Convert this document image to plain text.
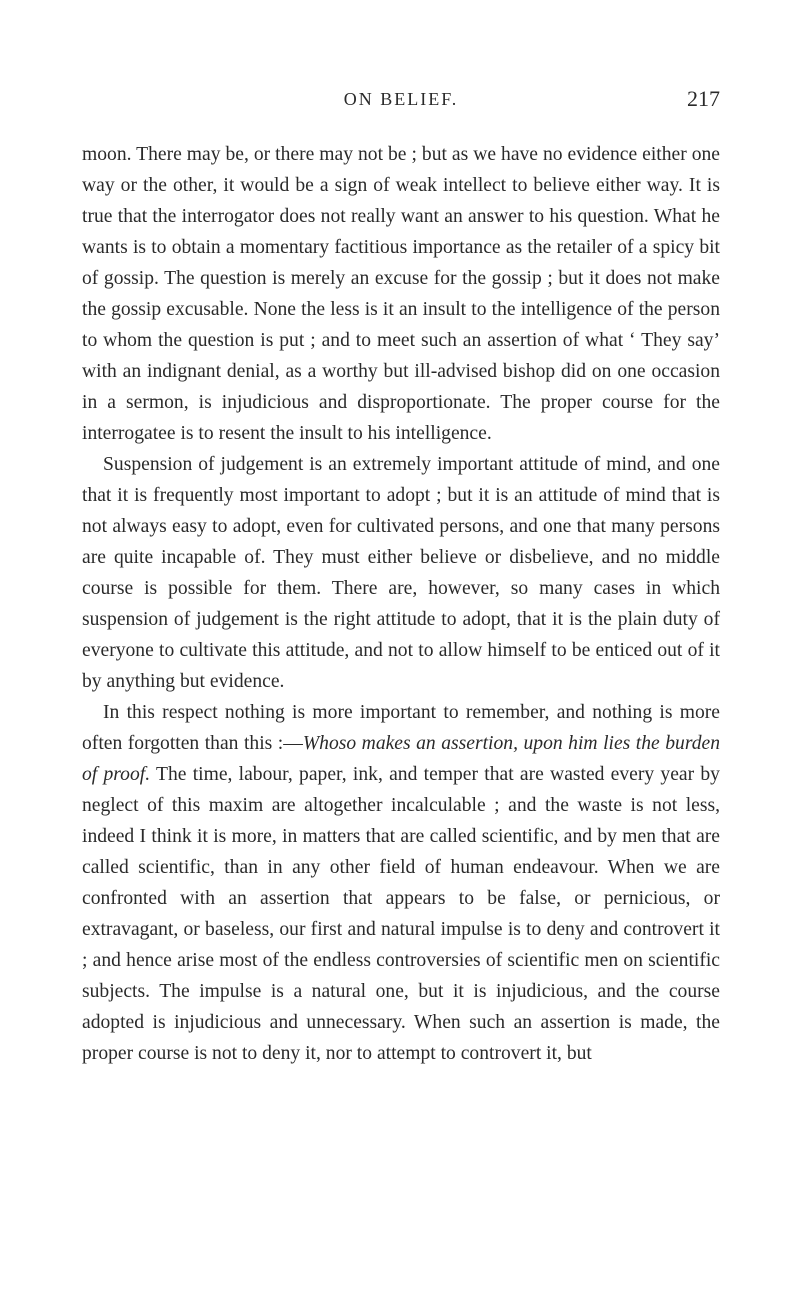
ON BELIEF.	217

moon. There may be, or there may not be ; but as we have no evidence either one way or the other, it would be a sign of weak intellect to believe either way. It is true that the interrogator does not really want an answer to his question. What he wants is to obtain a momentary factitious importance as the retailer of a spicy bit of gossip. The question is merely an excuse for the gossip ; but it does not make the gossip excusable. None the less is it an insult to the intelligence of the person to whom the question is put ; and to meet such an assertion of what ‘ They say’ with an indignant denial, as a worthy but ill-advised bishop did on one occasion in a sermon, is injudicious and disproportionate. The proper course for the interrogatee is to resent the insult to his intelligence.

Suspension of judgement is an extremely important attitude of mind, and one that it is frequently most important to adopt ; but it is an attitude of mind that is not always easy to adopt, even for cultivated persons, and one that many persons are quite incapable of. They must either believe or disbelieve, and no middle course is possible for them. There are, however, so many cases in which suspension of judgement is the right attitude to adopt, that it is the plain duty of everyone to cultivate this attitude, and not to allow himself to be enticed out of it by anything but evidence.

In this respect nothing is more important to remember, and nothing is more often forgotten than this :—Whoso makes an assertion, upon him lies the burden of proof. The time, labour, paper, ink, and temper that are wasted every year by neglect of this maxim are altogether incalculable ; and the waste is not less, indeed I think it is more, in matters that are called scientific, and by men that are called scientific, than in any other field of human endeavour. When we are confronted with an assertion that appears to be false, or pernicious, or extravagant, or baseless, our first and natural impulse is to deny and controvert it ; and hence arise most of the endless controversies of scientific men on scientific subjects. The impulse is a natural one, but it is injudicious, and the course adopted is injudicious and unnecessary. When such an assertion is made, the proper course is not to deny it, nor to attempt to controvert it, but
